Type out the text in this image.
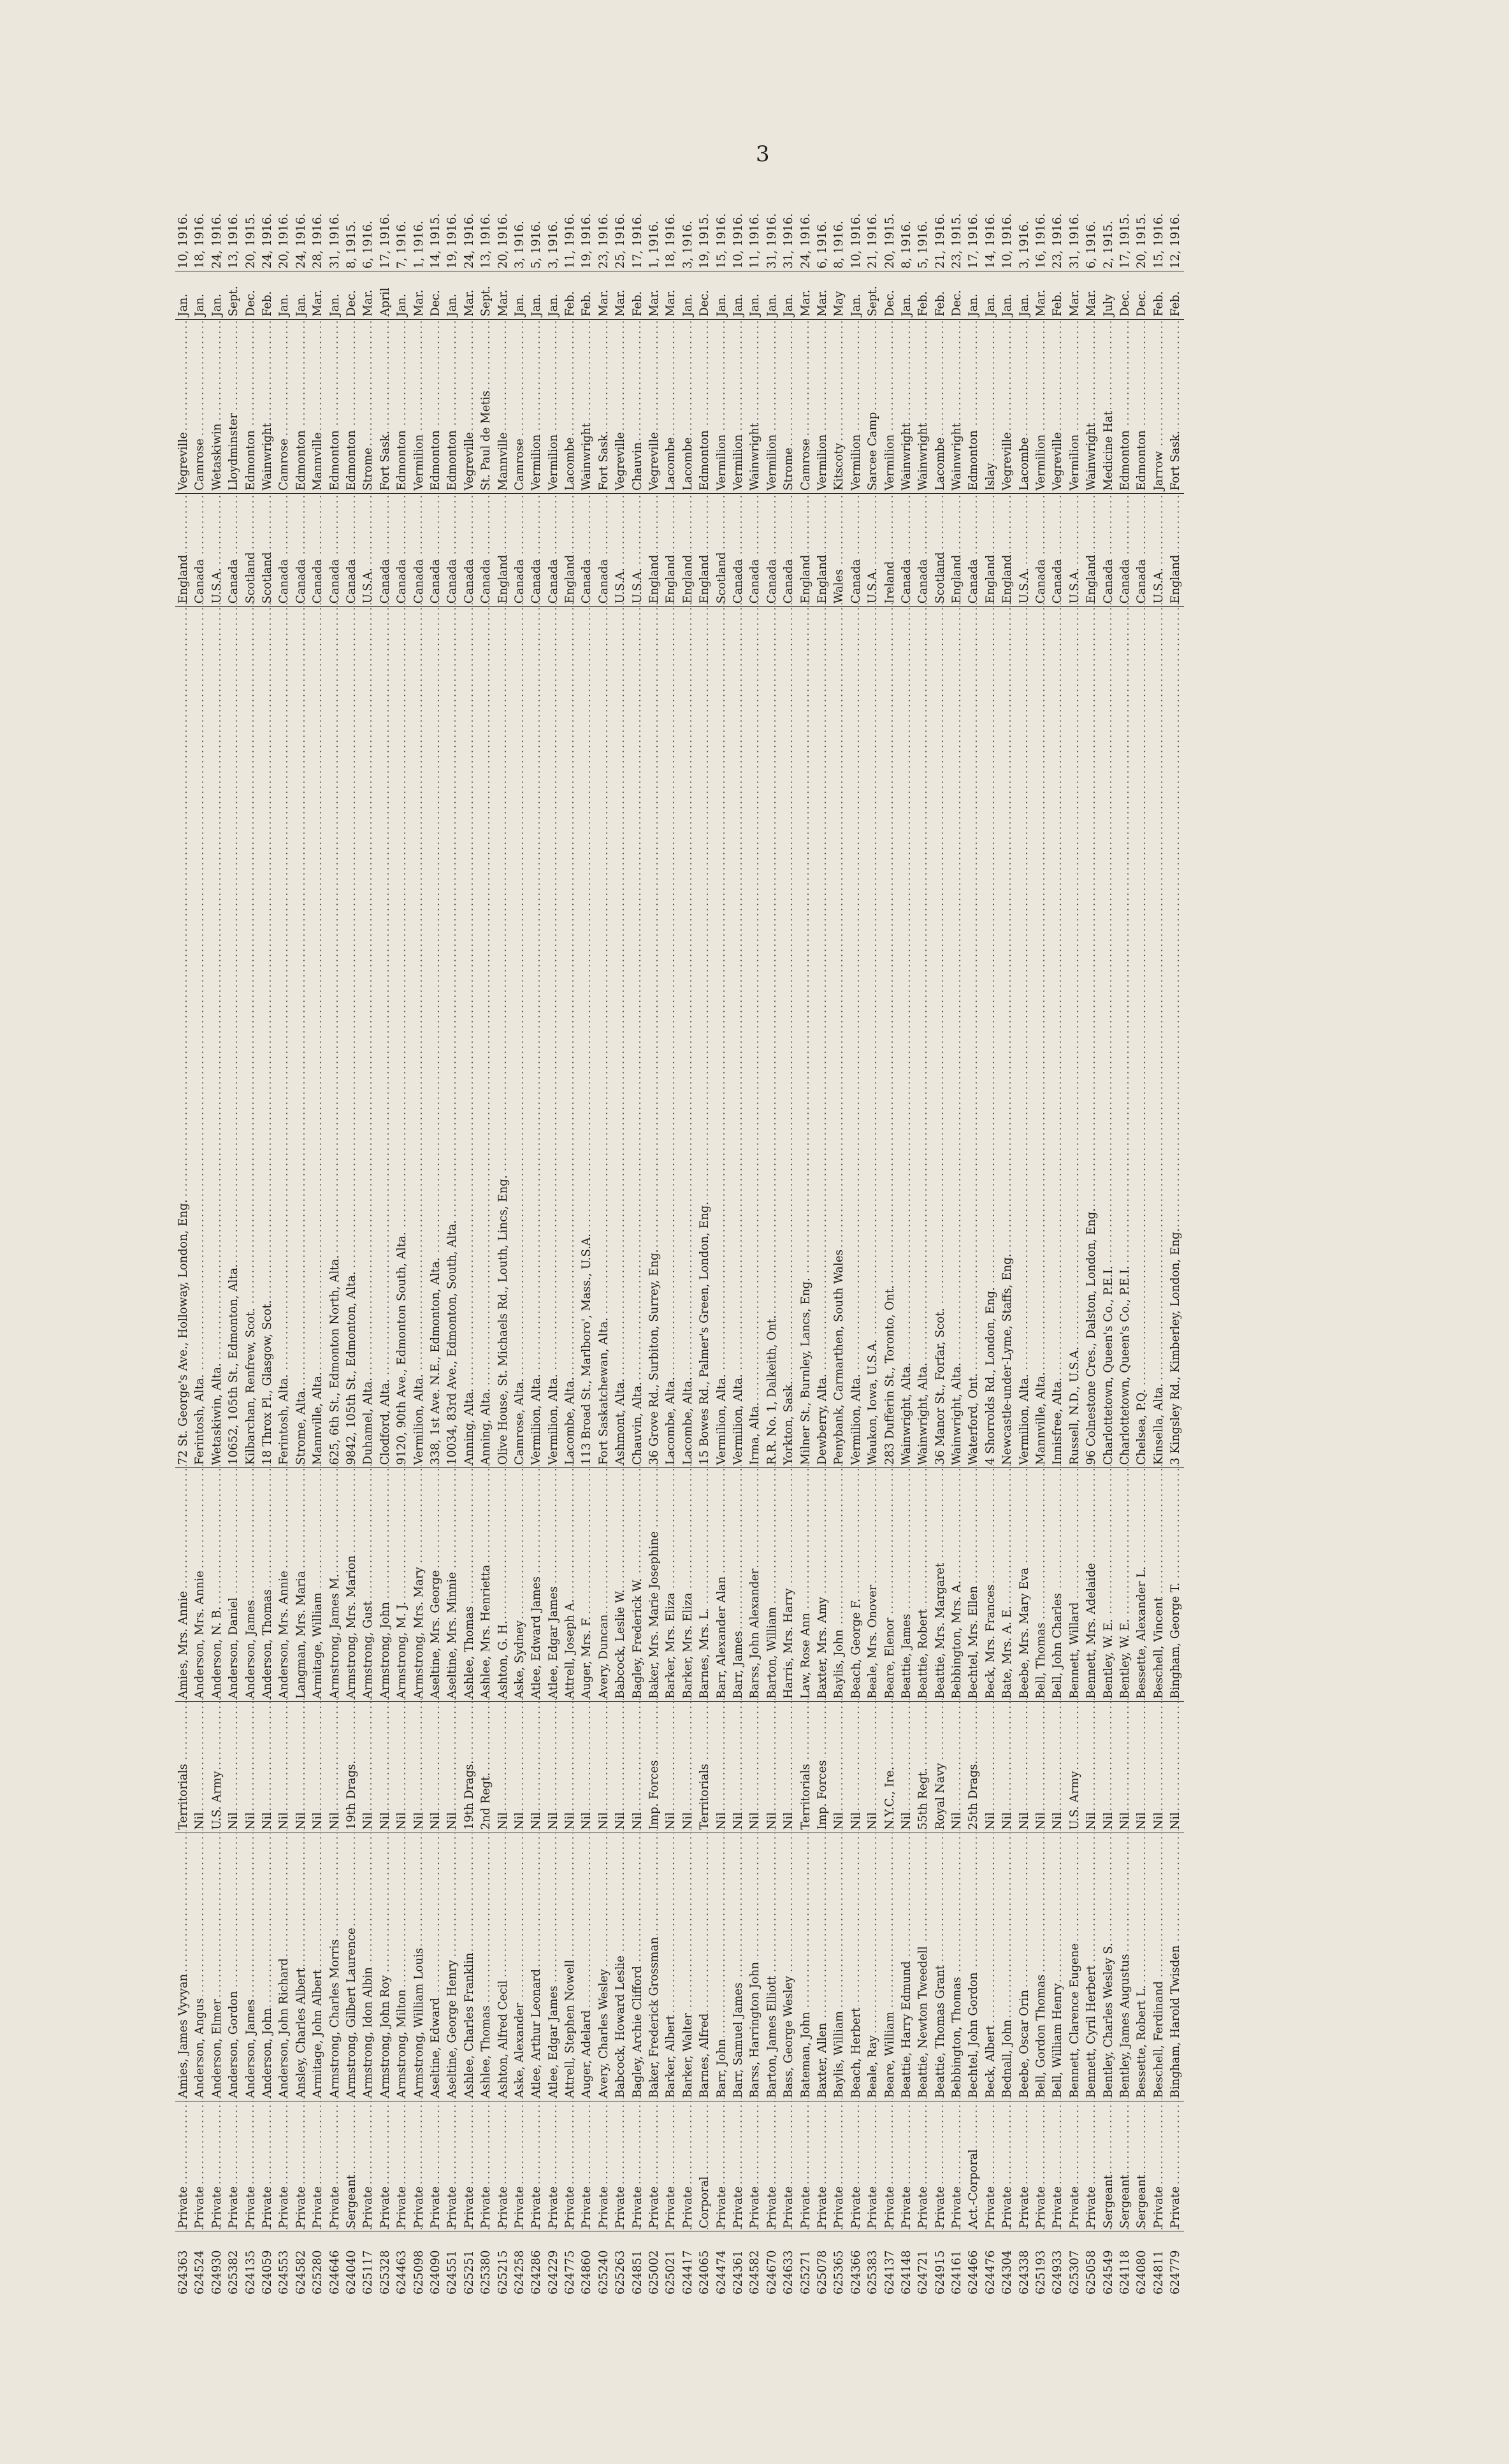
3
624363	Private	Amies, James Vyvyan	Territorials	Amies, Mrs. Annie	72 St. George's Ave., Holloway, London, Eng.	England	Vegreville	Jan.	10, 1916.
624524	Private	Anderson, Angus	Nil	Anderson, Mrs. Annie	Ferintosh, Alta.	Canada	Camrose	Jan.	18, 1916.
624930	Private	Anderson, Elmer	U.S. Army	Anderson, N. B.	Wetaskiwin, Alta.	U.S.A.	Wetaskiwin	Jan.	24, 1916.
625382	Private	Anderson, Gordon	Nil	Anderson, Daniel	10652, 105th St., Edmonton, Alta.	Canada	Lloydminster	Sept.	13, 1916.
624135	Private	Anderson, James	Nil	Anderson, James	Kilbarchan, Renfrew, Scot.	Scotland	Edmonton	Dec.	20, 1915.
624059	Private	Anderson, John	Nil	Anderson, Thomas	18 Throx Pl., Glasgow, Scot.	Scotland	Wainwright	Feb.	24, 1916.
624553	Private	Anderson, John Richard	Nil	Anderson, Mrs. Annie	Ferintosh, Alta.	Canada	Camrose	Jan.	20, 1916.
624582	Private	Ansley, Charles Albert	Nil	Langman, Mrs. Maria	Strome, Alta.	Canada	Edmonton	Jan.	24, 1916.
625280	Private	Armitage, John Albert	Nil	Armitage, William	Mannville, Alta.	Canada	Mannville	Mar.	28, 1916.
624646	Private	Armstrong, Charles Morris	Nil	Armstrong, James M.	625, 6th St., Edmonton North, Alta.	Canada	Edmonton	Jan.	31, 1916.
624040	Sergeant	Armstrong, Gilbert Laurence	19th Drags.	Armstrong, Mrs. Marion	9842, 105th St., Edmonton, Alta.	Canada	Edmonton	Dec.	8, 1915.
625117	Private	Armstrong, Idon Albin	Nil	Armstrong, Gust	Duhamel, Alta.	U.S.A.	Strome	Mar.	6, 1916.
625328	Private	Armstrong, John Roy	Nil	Armstrong, John	Clodford, Alta.	Canada	Fort Sask.	April	17, 1916.
624463	Private	Armstrong, Milton	Nil	Armstrong, M. J.	9120, 90th Ave., Edmonton South, Alta.	Canada	Edmonton	Jan.	7, 1916.
625098	Private	Armstrong, William Louis	Nil	Armstrong, Mrs. Mary	Vermilion, Alta.	Canada	Vermilion	Mar.	1, 1916.
624090	Private	Aseltine, Edward	Nil	Aseltine, Mrs. George	338, 1st Ave. N.E., Edmonton, Alta.	Canada	Edmonton	Dec.	14, 1915.
624551	Private	Aseltine, George Henry	Nil	Aseltine, Mrs. Minnie	10034, 83rd Ave., Edmonton, South, Alta.	Canada	Edmonton	Jan.	19, 1916.
625251	Private	Ashlee, Charles Franklin	19th Drags.	Ashlee, Thomas	Anning, Alta.	Canada	Vegreville	Mar.	24, 1916.
625380	Private	Ashlee, Thomas	2nd Regt.	Ashlee, Mrs. Henrietta	Anning, Alta.	Canada	St. Paul de Metis	Sept.	13, 1916.
625215	Private	Ashton, Alfred Cecil	Nil	Ashton, G. H.	Olive House, St. Michaels Rd., Louth, Lincs, Eng.	England	Mannville	Mar.	20, 1916.
624258	Private	Aske, Alexander	Nil	Aske, Sydney	Camrose, Alta.	Canada	Camrose	Jan.	3, 1916.
624286	Private	Atlee, Arthur Leonard	Nil	Atlee, Edward James	Vermilion, Alta.	Canada	Vermilion	Jan.	5, 1916.
624229	Private	Atlee, Edgar James	Nil	Atlee, Edgar James	Vermilion, Alta.	Canada	Vermilion	Jan.	3, 1916.
624775	Private	Attrell, Stephen Nowell	Nil	Attrell, Joseph A.	Lacombe, Alta.	England	Lacombe	Feb.	11, 1916.
624860	Private	Auger, Adelard	Nil	Auger, Mrs. F.	113 Broad St., Marlboro', Mass., U.S.A.	Canada	Wainwright	Feb.	19, 1916.
625240	Private	Avery, Charles Wesley	Nil	Avery, Duncan	Fort Saskatchewan, Alta.	Canada	Fort Sask.	Mar.	23, 1916.
625263	Private	Babcock, Howard Leslie	Nil	Babcock, Leslie W.	Ashmont, Alta.	U.S.A.	Vegreville	Mar.	25, 1916.
624851	Private	Bagley, Archie Clifford	Nil	Bagley, Frederick W.	Chauvin, Alta.	U.S.A.	Chauvin	Feb.	17, 1916.
625002	Private	Baker, Frederick Grossman	Imp. Forces	Baker, Mrs. Marie Josephine	36 Grove Rd., Surbiton, Surrey, Eng.	England	Vegreville	Mar.	1, 1916.
625021	Private	Barker, Albert	Nil	Barker, Mrs. Eliza	Lacombe, Alta.	England	Lacombe	Mar.	18, 1916.
624417	Private	Barker, Walter	Nil	Barker, Mrs. Eliza	Lacombe, Alta.	England	Lacombe	Jan.	3, 1916.
624065	Corporal	Barnes, Alfred	Territorials	Barnes, Mrs. L.	15 Bowes Rd., Palmer's Green, London, Eng.	England	Edmonton	Dec.	19, 1915.
624474	Private	Barr, John	Nil	Barr, Alexander Alan	Vermilion, Alta.	Scotland	Vermilion	Jan.	15, 1916.
624361	Private	Barr, Samuel James	Nil	Barr, James	Vermilion, Alta.	Canada	Vermilion	Jan.	10, 1916.
624582	Private	Barss, Harrington John	Nil	Barss, John Alexander	Irma, Alta.	Canada	Wainwright	Jan.	11, 1916.
624670	Private	Barton, James Elliott	Nil	Barton, William	R.R. No. 1, Dalkeith, Ont.	Canada	Vermilion	Jan.	31, 1916.
624633	Private	Bass, George Wesley	Nil	Harris, Mrs. Harry	Yorkton, Sask.	Canada	Strome	Jan.	31, 1916.
625271	Private	Bateman, John	Territorials	Law, Rose Ann	Milner St., Burnley, Lancs, Eng.	England	Camrose	Mar.	24, 1916.
625078	Private	Baxter, Allen	Imp. Forces	Baxter, Mrs. Amy	Dewberry, Alta.	England	Vermilion	Mar.	6, 1916.
625365	Private	Baylis, William	Nil	Baylis, John	Penybank, Carmarthen, South Wales	Wales	Kitscoty	May	8, 1916.
624366	Private	Beach, Herbert	Nil	Beach, George F.	Vermilion, Alta.	Canada	Vermilion	Jan.	10, 1916.
625383	Private	Beale, Ray	Nil	Beale, Mrs. Onover	Waukon, Iowa, U.S.A.	U.S.A.	Sarcee Camp	Sept.	21, 1916.
624137	Private	Beare, William	N.Y.C., Ire.	Beare, Elenor	283 Dufferin St., Toronto, Ont.	Ireland	Vermilion	Dec.	20, 1915.
624148	Private	Beattie, Harry Edmund	Nil	Beattie, James	Wainwright, Alta.	Canada	Wainwright	Jan.	8, 1916.
624721	Private	Beattie, Newton Tweedell	55th Regt.	Beattie, Robert	Wainwright, Alta.	Canada	Wainwright	Feb.	5, 1916.
624915	Private	Beattie, Thomas Grant	Royal Navy	Beattie, Mrs. Margaret	36 Manor St., Forfar, Scot.	Scotland	Lacombe	Feb.	21, 1916.
624161	Private	Bebbington, Thomas	Nil	Bebbington, Mrs. A.	Wainwright, Alta.	England	Wainwright	Dec.	23, 1915.
624466	Act.-Corporal	Bechtel, John Gordon	25th Drags.	Bechtel, Mrs. Ellen	Waterford, Ont.	Canada	Edmonton	Jan.	17, 1916.
624476	Private	Beck, Albert	Nil	Beck, Mrs. Frances	4 Shorrolds Rd., London, Eng.	England	Islay	Jan.	14, 1916.
624304	Private	Bednall, John	Nil	Bate, Mrs. A. E.	Newcastle-under-Lyme, Staffs, Eng.	England	Vegreville	Jan.	10, 1916.
624338	Private	Beebe, Oscar Orin	Nil	Beebe, Mrs. Mary Eva	Vermilion, Alta.	U.S.A.	Lacombe	Jan.	3, 1916.
625193	Private	Bell, Gordon Thomas	Nil	Bell, Thomas	Mannville, Alta.	Canada	Vermilion	Mar.	16, 1916.
624933	Private	Bell, William Henry	Nil	Bell, John Charles	Innisfree, Alta.	Canada	Vegreville	Feb.	23, 1916.
625307	Private	Bennett, Clarence Eugene	U.S. Army	Bennett, Willard	Russell, N.D., U.S.A.	U.S.A.	Vermilion	Mar.	31, 1916.
625058	Private	Bennett, Cyril Herbert	Nil	Bennett, Mrs. Adelaide	96 Colnestone Cres., Dalston, London, Eng.	England	Wainwright	Mar.	6, 1916.
624549	Sergeant	Bentley, Charles Wesley S.	Nil	Bentley, W. E.	Charlottetown, Queen's Co., P.E.I.	Canada	Medicine Hat	July	2, 1915.
624118	Sergeant	Bentley, James Augustus	Nil	Bentley, W. E.	Charlottetown, Queen's Co., P.E.I.	Canada	Edmonton	Dec.	17, 1915.
624080	Sergeant	Bessette, Robert L.	Nil	Bessette, Alexander L.	Chelsea, P.Q.	Canada	Edmonton	Dec.	20, 1915.
624811	Private	Beschell, Ferdinand	Nil	Beschell, Vincent	Kinsella, Alta.	U.S.A.	Jarrow	Feb.	15, 1916.
624779	Private	Bingham, Harold Twisden	Nil	Bingham, George T.	3 Kingsley Rd., Kimberley, London, Eng.	England	Fort Sask.	Feb.	12, 1916.
